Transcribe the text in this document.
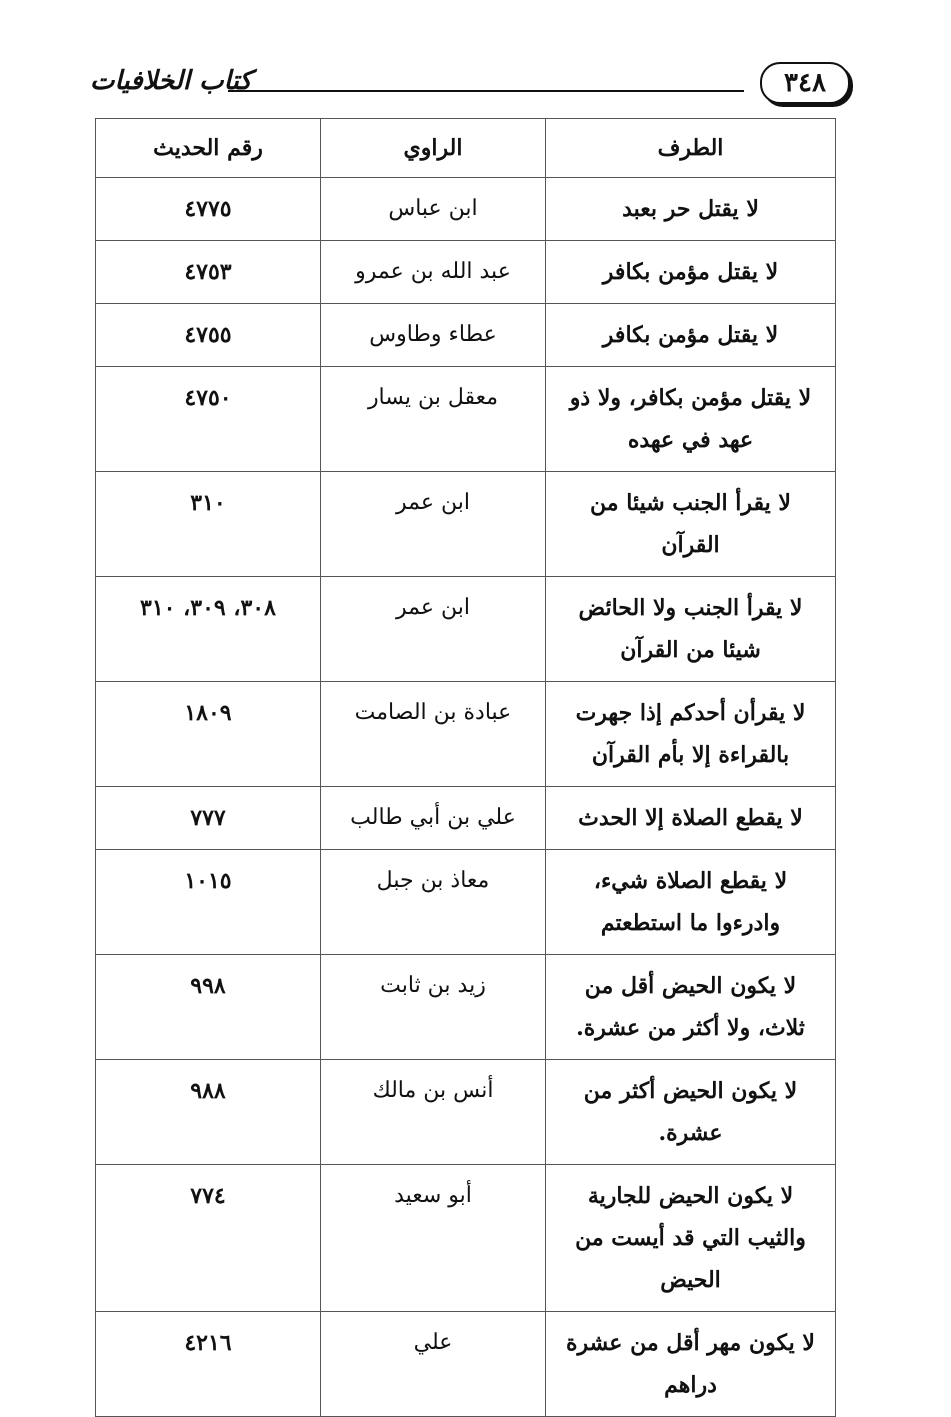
٣٤٨
كتاب الخلافيات
الطرف	الراوي	رقم الحديث
لا يقتل حر بعبد	ابن عباس	٤٧٧٥
لا يقتل مؤمن بكافر	عبد الله بن عمرو	٤٧٥٣
لا يقتل مؤمن بكافر	عطاء وطاوس	٤٧٥٥
لا يقتل مؤمن بكافر، ولا ذو عهد في عهده	معقل بن يسار	٤٧٥٠
لا يقرأ الجنب شيئا من القرآن	ابن عمر	٣١٠
لا يقرأ الجنب ولا الحائض شيئا من القرآن	ابن عمر	٣٠٨، ٣٠٩، ٣١٠
لا يقرأن أحدكم إذا جهرت بالقراءة إلا بأم القرآن	عبادة بن الصامت	١٨٠٩
لا يقطع الصلاة إلا الحدث	علي بن أبي طالب	٧٧٧
لا يقطع الصلاة شيء، وادرءوا ما استطعتم	معاذ بن جبل	١٠١٥
لا يكون الحيض أقل من ثلاث، ولا أكثر من عشرة.	زيد بن ثابت	٩٩٨
لا يكون الحيض أكثر من عشرة.	أنس بن مالك	٩٨٨
لا يكون الحيض للجارية والثيب التي قد أيست من الحيض	أبو سعيد	٧٧٤
لا يكون مهر أقل من عشرة دراهم	علي	٤٢١٦
